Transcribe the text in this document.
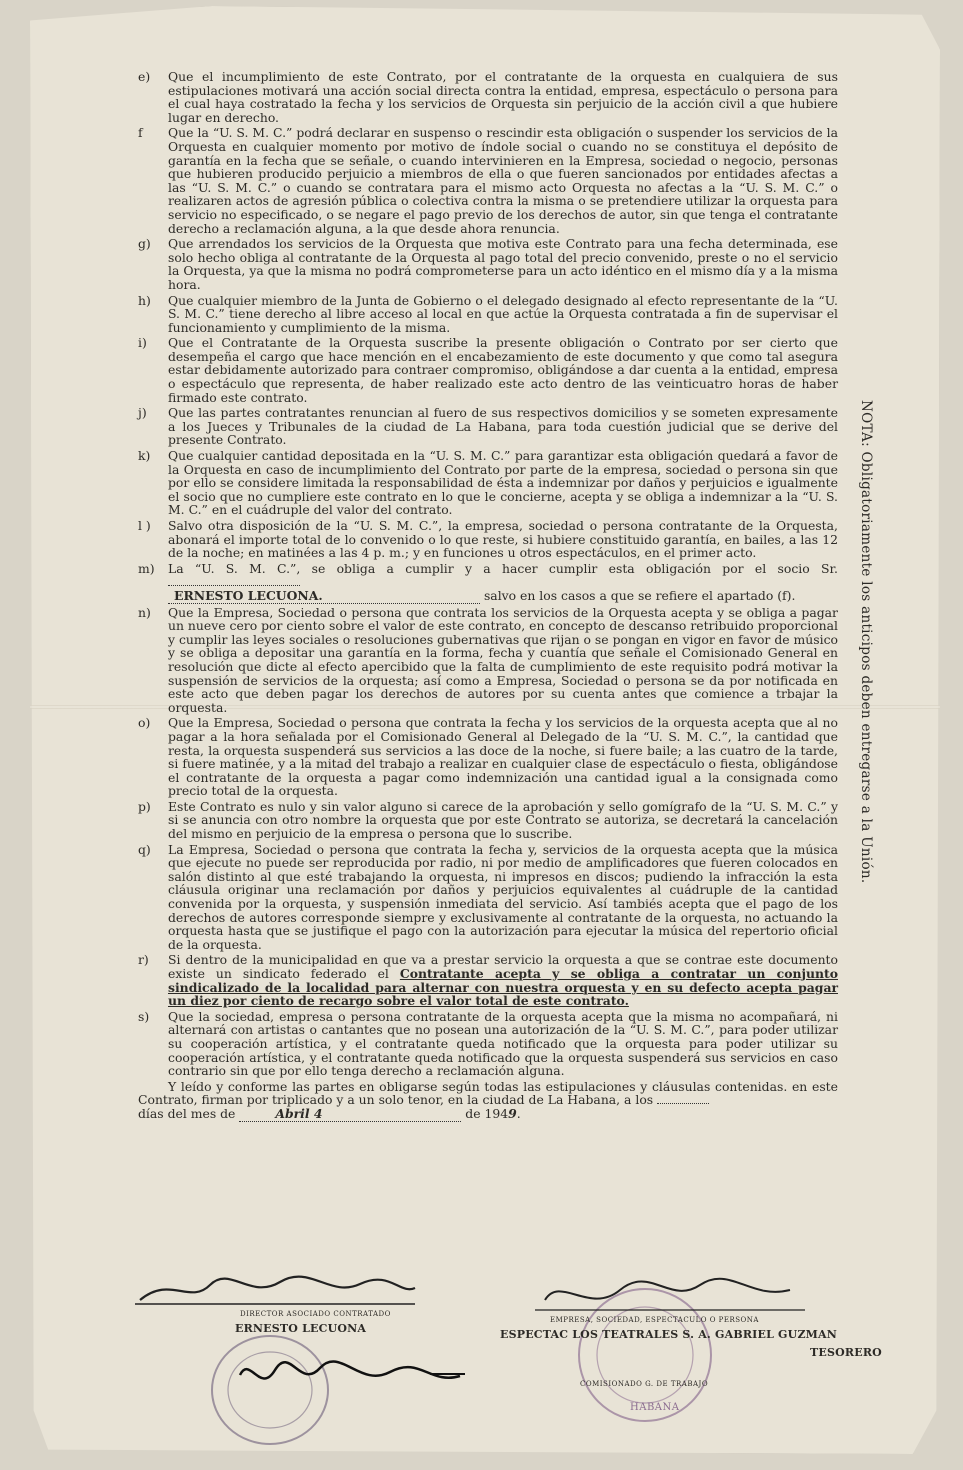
e) Que el incumplimiento de este Contrato, por el contratante de la orquesta en cualquiera de sus estipulaciones motivará una acción social directa contra la entidad, empresa, espectáculo o persona para el cual haya costratado la fecha y los servicios de Orquesta sin perjuicio de la acción civil a que hubiere lugar en derecho.

f Que la “U. S. M. C.” podrá declarar en suspenso o rescindir esta obligación o suspender los servicios de la Orquesta en cualquier momento por motivo de índole social o cuando no se constituya el depósito de garantía en la fecha que se señale, o cuando intervinieren en la Empresa, sociedad o negocio, personas que hubieren producido perjuicio a miembros de ella o que fueren sancionados por entidades afectas a las “U. S. M. C.” o cuando se contratara para el mismo acto Orquesta no afectas a la “U. S. M. C.” o realizaren actos de agresión pública o colectiva contra la misma o se pretendiere utilizar la orquesta para servicio no especificado, o se negare el pago previo de los derechos de autor, sin que tenga el contratante derecho a reclamación alguna, a la que desde ahora renuncia.

g) Que arrendados los servicios de la Orquesta que motiva este Contrato para una fecha determinada, ese solo hecho obliga al contratante de la Orquesta al pago total del precio convenido, preste o no el servicio la Orquesta, ya que la misma no podrá comprometerse para un acto idéntico en el mismo día y a la misma hora.

h) Que cualquier miembro de la Junta de Gobierno o el delegado designado al efecto representante de la “U. S. M. C.” tiene derecho al libre acceso al local en que actúe la Orquesta contratada a fin de supervisar el funcionamiento y cumplimiento de la misma.

i) Que el Contratante de la Orquesta suscribe la presente obligación o Contrato por ser cierto que desempeña el cargo que hace mención en el encabezamiento de este documento y que como tal asegura estar debidamente autorizado para contraer compromiso, obligándose a dar cuenta a la entidad, empresa o espectáculo que representa, de haber realizado este acto dentro de las veinticuatro horas de haber firmado este contrato.

j) Que las partes contratantes renuncian al fuero de sus respectivos domicilios y se someten expresamente a los Jueces y Tribunales de la ciudad de La Habana, para toda cuestión judicial que se derive del presente Contrato.

k) Que cualquier cantidad depositada en la “U. S. M. C.” para garantizar esta obligación quedará a favor de la Orquesta en caso de incumplimiento del Contrato por parte de la empresa, sociedad o persona sin que por ello se considere limitada la responsabilidad de ésta a indemnizar por daños y perjuicios e igualmente el socio que no cumpliere este contrato en lo que le concierne, acepta y se obliga a indemnizar a la “U. S. M. C.” en el cuádruple del valor del contrato.

l ) Salvo otra disposición de la “U. S. M. C.”, la empresa, sociedad o persona contratante de la Orquesta, abonará el importe total de lo convenido o lo que reste, si hubiere constituido garantía, en bailes, a las 12 de la noche; en matinées a las 4 p. m.; y en funciones u otros espectáculos, en el primer acto.

m) La “U. S. M. C.”, se obliga a cumplir y a hacer cumplir esta obligación por el socio Sr.
ERNESTO LECUONA.	salvo en los casos a que se refiere el apartado (f).

n) Que la Empresa, Sociedad o persona que contrata los servicios de la Orquesta acepta y se obliga a pagar un nueve cero por ciento sobre el valor de este contrato, en concepto de descanso retribuido proporcional y cumplir las leyes sociales o resoluciones gubernativas que rijan o se pongan en vigor en favor de músico y se obliga a depositar una garantía en la forma, fecha y cuantía que señale el Comisionado General en resolución que dicte al efecto apercibido que la falta de cumplimiento de este requisito podrá motivar la suspensión de servicios de la orquesta; así como a Empresa, Sociedad o persona se da por notificada en este acto que deben pagar los derechos de autores por su cuenta antes que comience a trbajar la orquesta.

o) Que la Empresa, Sociedad o persona que contrata la fecha y los servicios de la orquesta acepta que al no pagar a la hora señalada por el Comisionado General al Delegado de la “U. S. M. C.”, la cantidad que resta, la orquesta suspenderá sus servicios a las doce de la noche, si fuere baile; a las cuatro de la tarde, si fuere matinée, y a la mitad del trabajo a realizar en cualquier clase de espectáculo o fiesta, obligándose el contratante de la orquesta a pagar como indemnización una cantidad igual a la consignada como precio total de la orquesta.

p) Este Contrato es nulo y sin valor alguno si carece de la aprobación y sello gomígrafo de la “U. S. M. C.” y si se anuncia con otro nombre la orquesta que por este Contrato se autoriza, se decretará la cancelación del mismo en perjuicio de la empresa o persona que lo suscribe.

q) La Empresa, Sociedad o persona que contrata la fecha y, servicios de la orquesta acepta que la música que ejecute no puede ser reproducida por radio, ni por medio de amplificadores que fueren colocados en salón distinto al que esté trabajando la orquesta, ni impresos en discos; pudiendo la infracción la esta cláusula originar una reclamación por daños y perjuicios equivalentes al cuádruple de la cantidad convenida por la orquesta, y suspensión inmediata del servicio. Así tambiés acepta que el pago de los derechos de autores corresponde siempre y exclusivamente al contratante de la orquesta, no actuando la orquesta hasta que se justifique el pago con la autorización para ejecutar la música del repertorio oficial de la orquesta.

r) Si dentro de la municipalidad en que va a prestar servicio la orquesta a que se contrae este documento existe un sindicato federado el Contratante acepta y se obliga a contratar un conjunto sindicalizado de la localidad para alternar con nuestra orquesta y en su defecto acepta pagar un diez por ciento de recargo sobre el valor total de este contrato.

s) Que la sociedad, empresa o persona contratante de la orquesta acepta que la misma no acompañará, ni alternará con artistas o cantantes que no posean una autorización de la “U. S. M. C.”, para poder utilizar su cooperación artística, y el contratante queda notificado que la orquesta para poder utilizar su cooperación artística, y el contratante queda notificado que la orquesta suspenderá sus servicios en caso contrario sin que por ello tenga derecho a reclamación alguna.

Y leído y conforme las partes en obligarse según todas las estipulaciones y cláusulas contenidas. en este Contrato, firman por triplicado y a un solo tenor, en la ciudad de La Habana, a los
días del mes de	Abril 4	de 1949.

NOTA: Obligatoriamente los anticipos deben entregarse a la Unión.
DIRECTOR ASOCIADO CONTRATADO
ERNESTO LECUONA
EMPRESA, SOCIEDAD, ESPECTACULO O PERSONA
ESPECTAC LOS TEATRALES S. A. GABRIEL GUZMAN
TESORERO
COMISIONADO G. DE TRABAJO
HABANA
